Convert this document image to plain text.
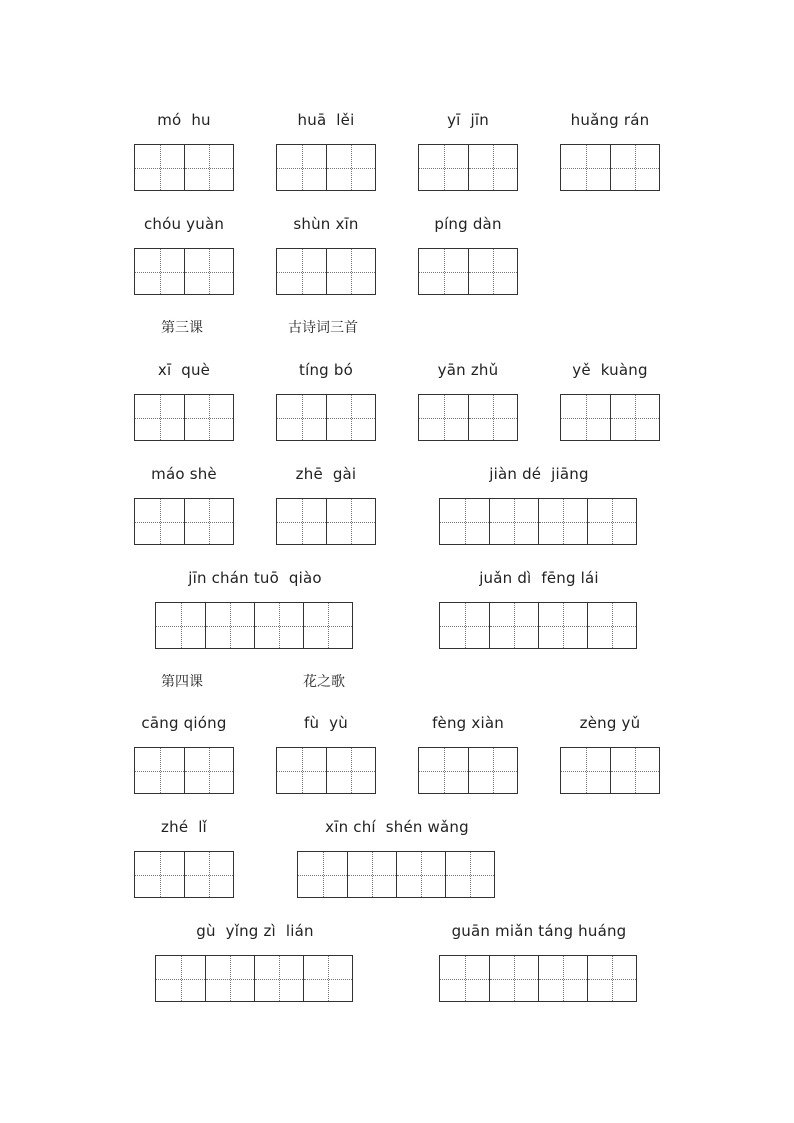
mó  hu	huā  lěi	yī  jīn	huǎng rán
chóu yuàn	shùn xīn	píng dàn
第三课	古诗词三首
xī  què	tíng bó	yān zhǔ	yě  kuàng
máo shè	zhē  gài	jiàn dé  jiāng
jīn chán tuō  qiào	juǎn dì  fēng lái
第四课	花之歌
cāng qióng	fù  yù	fèng xiàn	zèng yǔ
zhé  lǐ	xīn chí  shén wǎng
gù  yǐng zì  lián	guān miǎn táng huáng
